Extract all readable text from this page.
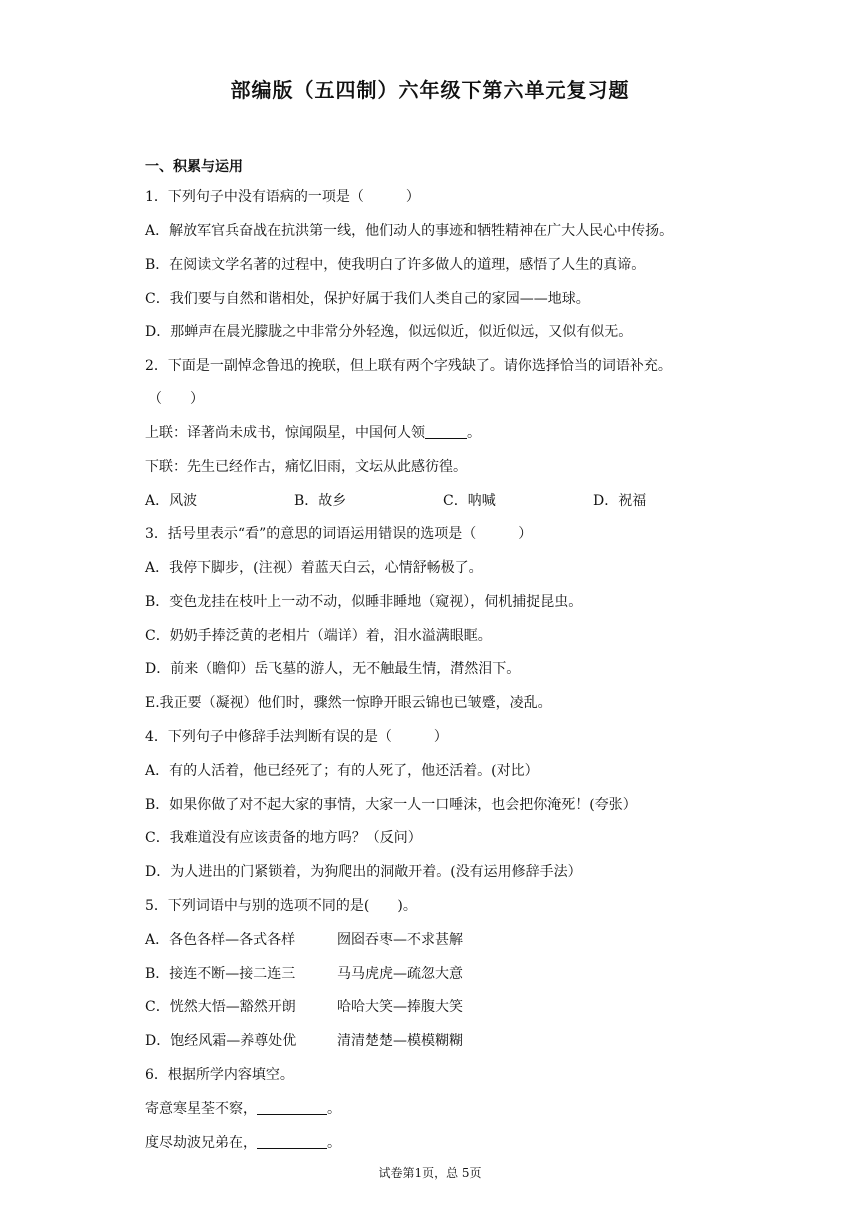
部编版（五四制）六年级下第六单元复习题
一、积累与运用
1．下列句子中没有语病的一项是（　　　）
A．解放军官兵奋战在抗洪第一线，他们动人的事迹和牺牲精神在广大人民心中传扬。
B．在阅读文学名著的过程中，使我明白了许多做人的道理，感悟了人生的真谛。
C．我们要与自然和谐相处，保护好属于我们人类自己的家园——地球。
D．那蝉声在晨光朦胧之中非常分外轻逸，似远似近，似近似远，又似有似无。
2．下面是一副悼念鲁迅的挽联，但上联有两个字残缺了。请你选择恰当的词语补充。
（　　）
上联：译著尚未成书，惊闻陨星，中国何人领＿＿＿。
下联：先生已经作古，痛忆旧雨，文坛从此感彷徨。
A．风波	B．故乡	C．呐喊	D．祝福
3．括号里表示“看”的意思的词语运用错误的选项是（　　　）
A．我停下脚步，(注视）着蓝天白云，心情舒畅极了。
B．变色龙挂在枝叶上一动不动，似睡非睡地（窥视），伺机捕捉昆虫。
C．奶奶手捧泛黄的老相片（端详）着，泪水溢满眼眶。
D．前来（瞻仰）岳飞墓的游人，无不触最生情，潸然泪下。
E.我正要（凝视）他们时，骤然一惊睁开眼云锦也已皱蹙，凌乱。
4．下列句子中修辞手法判断有误的是（　　　）
A．有的人活着，他已经死了；有的人死了，他还活着。(对比）
B．如果你做了对不起大家的事情，大家一人一口唾沫，也会把你淹死！(夸张）
C．我难道没有应该责备的地方吗？（反问）
D．为人进出的门紧锁着，为狗爬出的洞敞开着。(没有运用修辞手法）
5．下列词语中与别的选项不同的是(　　)。
A．各色各样—各式各样	囫囵吞枣—不求甚解
B．接连不断—接二连三	马马虎虎—疏忽大意
C．恍然大悟—豁然开朗	哈哈大笑—捧腹大笑
D．饱经风霜—养尊处优	清清楚楚—模模糊糊
6．根据所学内容填空。
寄意寒星荃不察，＿＿＿＿＿。
度尽劫波兄弟在，＿＿＿＿＿。
试卷第1页，总 5页
